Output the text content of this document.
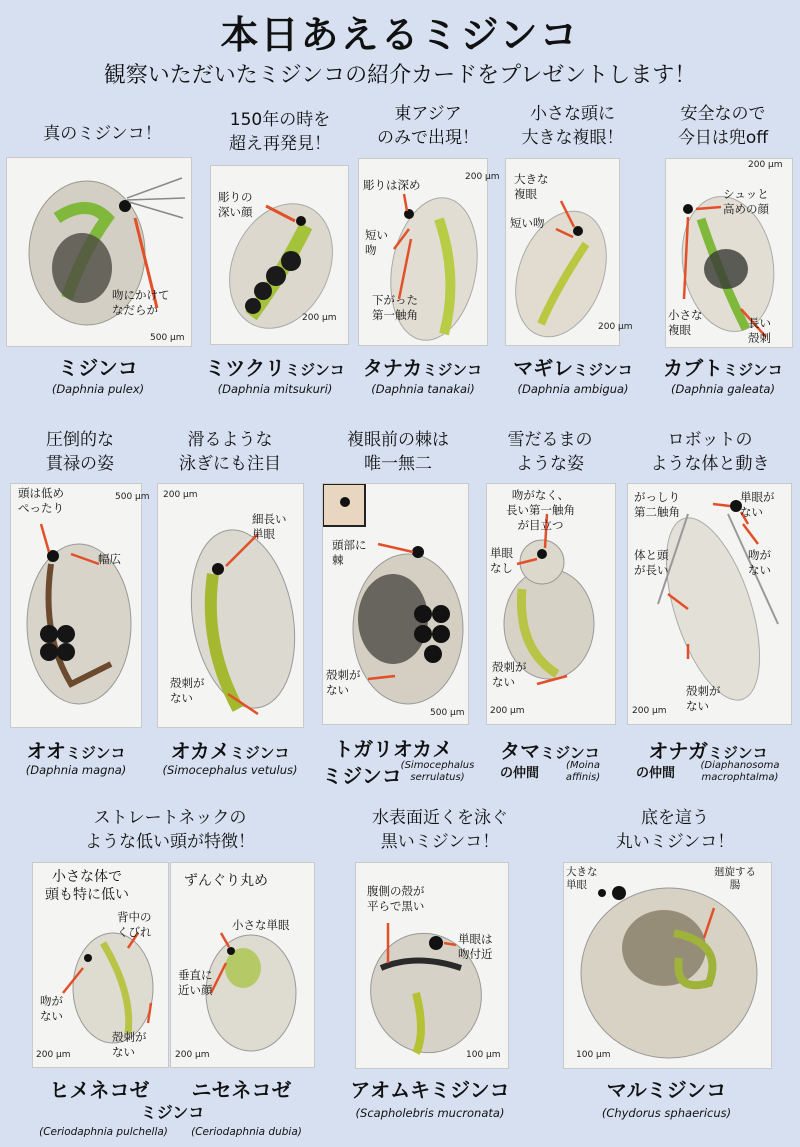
本日あえるミジンコ
観察いただいたミジンコの紹介カードをプレゼントします！
真のミジンコ！
150年の時を
超え再発見！
東アジア
のみで出現！
小さな頭に
大きな複眼！
安全なので
今日は兜off
吻にかけて
なだらか
500 μm
彫りの
深い顔
200 μm
彫りは深め
短い
吻
下がった
第一触角
200 μm 大きな
複眼
短い吻
200 μm
シュッと
高めの顔
小さな
複眼	長い
殻刺
200 μm
ミジンコ	ミツクリミジンコ タナカミジンコ	マギレミジンコ	カブトミジンコ
(Daphnia pulex)	(Daphnia mitsukuri)	(Daphnia tanakai)	(Daphnia ambigua)	(Daphnia galeata)
圧倒的な
貫禄の姿
滑るような
泳ぎにも注目
複眼前の棘は
唯一無二
雪だるまの
ような姿
ロボットの
ような体と動き
頭は低め
ぺったり
幅広
500 μm
細長い
単眼
殻刺が
ない
200 μm
頭部に
棘
殻刺が
ない
500 μm
吻がなく、
長い第一触角
が目立つ
単眼
なし
殻刺が
ない
200 μm
がっしり
第二触角
単眼が
ない
体と頭
が長い
吻が
ない
殻刺が
ない
200 μm
オオミジンコ	オカメミジンコ	トガリオカメ
ミジンコ
(Simocephalus
serrulatus)
タマミジンコ
の仲間
(Moina
affinis)
オナガミジンコ
の仲間
(Diaphanosoma
macrophtalma)
(Daphnia magna)	(Simocephalus vetulus)
ストレートネックの
ような低い頭が特徴！
水表面近くを泳ぐ
黒いミジンコ！
底を這う
丸いミジンコ！
小さな体で
頭も特に低い
背中の
くびれ
吻が
ない
殻刺が
ない
200 μm
ずんぐり丸め
小さな単眼
垂直に
近い顔
200 μm
腹側の殻が
平らで黒い
単眼は
吻付近
100 μm
大きな
単眼
廻旋する
腸
100 μm
ヒメネコゼ	ニセネコゼ
ミジンコ
(Ceriodaphnia pulchella)	(Ceriodaphnia dubia)
アオムキミジンコ
(Scapholebris mucronata)
マルミジンコ
(Chydorus sphaericus)
